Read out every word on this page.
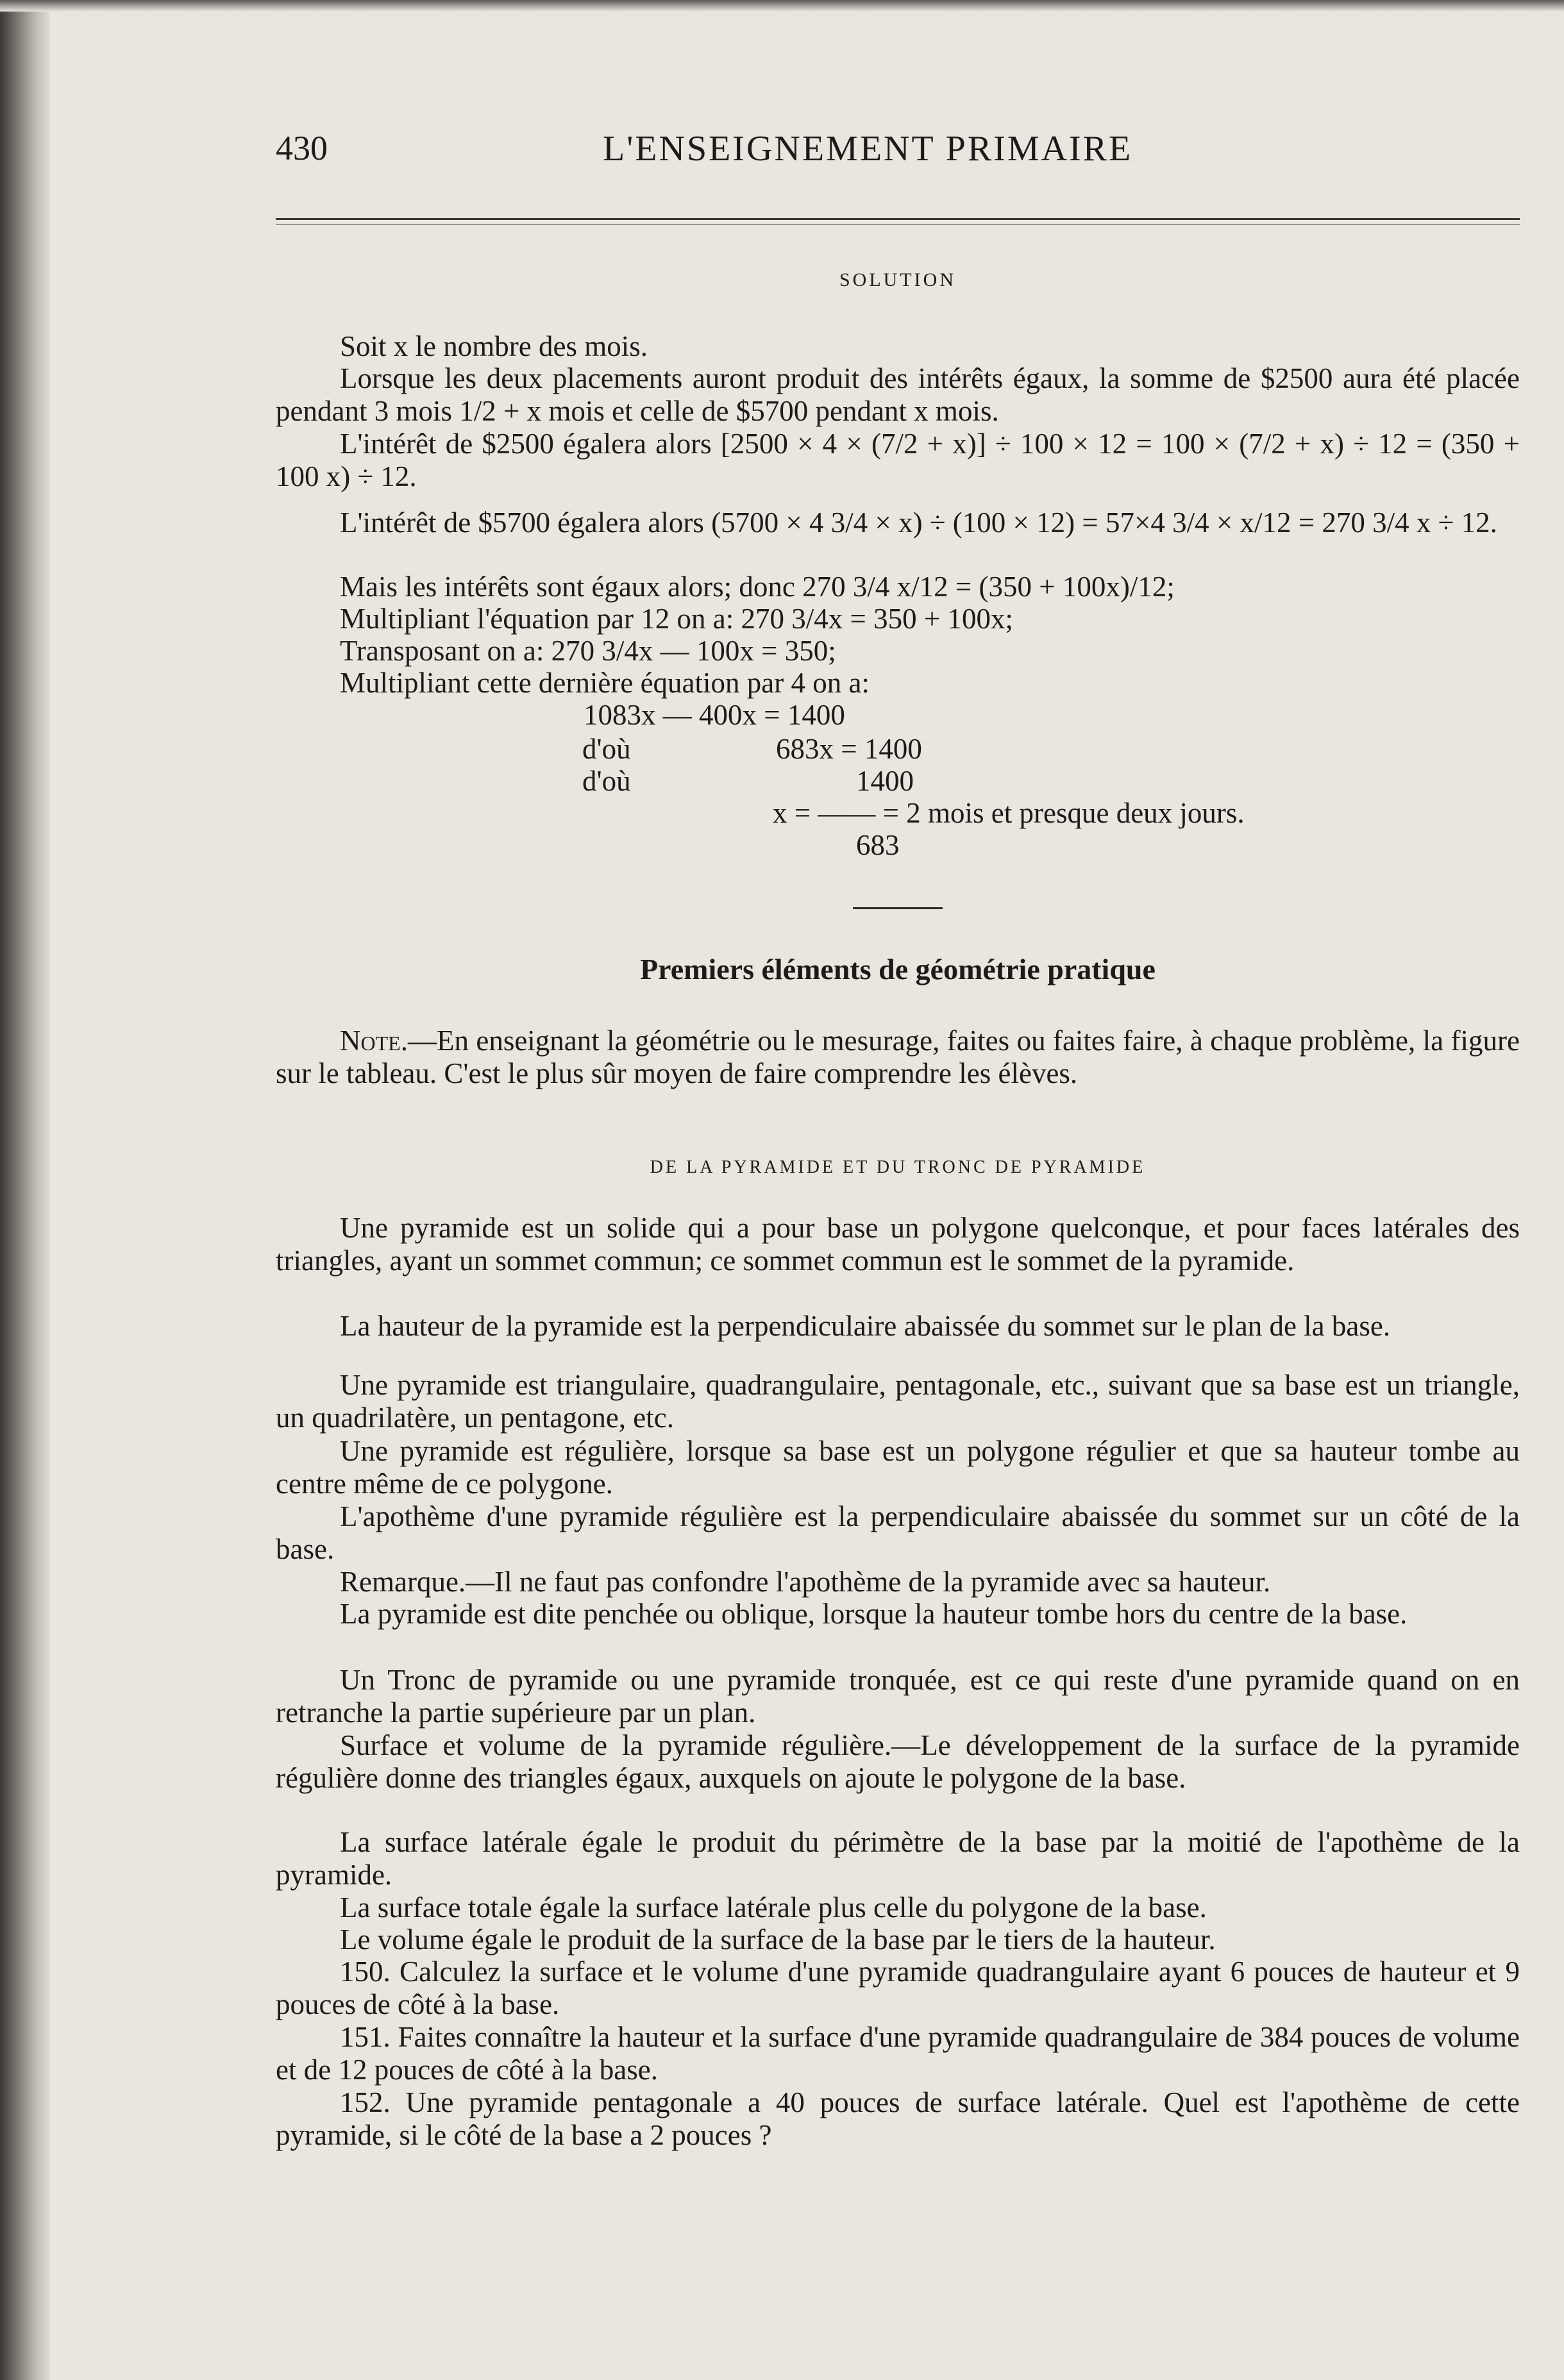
430	L'ENSEIGNEMENT PRIMAIRE
SOLUTION

Soit x le nombre des mois.

Lorsque les deux placements auront produit des intérêts égaux, la somme de $2500 aura été placée pendant 3 mois 1/2 + x mois et celle de $5700 pendant x mois.

L'intérêt de $2500 égalera alors [2500 × 4 × (7/2 + x)] ÷ 100 × 12 = 100 × (7/2 + x) ÷ 12 = (350 + 100 x) ÷ 12.

L'intérêt de $5700 égalera alors (5700 × 4 3/4 × x) ÷ (100 × 12) = 57×4 3/4 × x/12 = 270 3/4 x ÷ 12.

Mais les intérêts sont égaux alors; donc 270 3/4 x/12 = (350 + 100x)/12;

Multipliant l'équation par 12 on a: 270 3/4x = 350 + 100x;

Transposant on a: 270 3/4x — 100x = 350;

Multipliant cette dernière équation par 4 on a:

1083x — 400x = 1400

d'où	683x = 1400

d'où	1400

x = —— = 2 mois et presque deux jours.

683

Premiers éléments de géométrie pratique

Note.—En enseignant la géométrie ou le mesurage, faites ou faites faire, à chaque problème, la figure sur le tableau. C'est le plus sûr moyen de faire comprendre les élèves.

DE LA PYRAMIDE ET DU TRONC DE PYRAMIDE

Une pyramide est un solide qui a pour base un polygone quelconque, et pour faces latérales des triangles, ayant un sommet commun; ce sommet commun est le sommet de la pyramide.

La hauteur de la pyramide est la perpendiculaire abaissée du sommet sur le plan de la base.

Une pyramide est triangulaire, quadrangulaire, pentagonale, etc., suivant que sa base est un triangle, un quadrilatère, un pentagone, etc.

Une pyramide est régulière, lorsque sa base est un polygone régulier et que sa hauteur tombe au centre même de ce polygone.

L'apothème d'une pyramide régulière est la perpendiculaire abaissée du sommet sur un côté de la base.

Remarque.—Il ne faut pas confondre l'apothème de la pyramide avec sa hauteur.

La pyramide est dite penchée ou oblique, lorsque la hauteur tombe hors du centre de la base.

Un Tronc de pyramide ou une pyramide tronquée, est ce qui reste d'une pyramide quand on en retranche la partie supérieure par un plan.

Surface et volume de la pyramide régulière.—Le développement de la surface de la pyramide régulière donne des triangles égaux, auxquels on ajoute le polygone de la base.

La surface latérale égale le produit du périmètre de la base par la moitié de l'apothème de la pyramide.

La surface totale égale la surface latérale plus celle du polygone de la base.

Le volume égale le produit de la surface de la base par le tiers de la hauteur.

150. Calculez la surface et le volume d'une pyramide quadrangulaire ayant 6 pouces de hauteur et 9 pouces de côté à la base.

151. Faites connaître la hauteur et la surface d'une pyramide quadrangulaire de 384 pouces de volume et de 12 pouces de côté à la base.

152. Une pyramide pentagonale a 40 pouces de surface latérale. Quel est l'apothème de cette pyramide, si le côté de la base a 2 pouces ?
